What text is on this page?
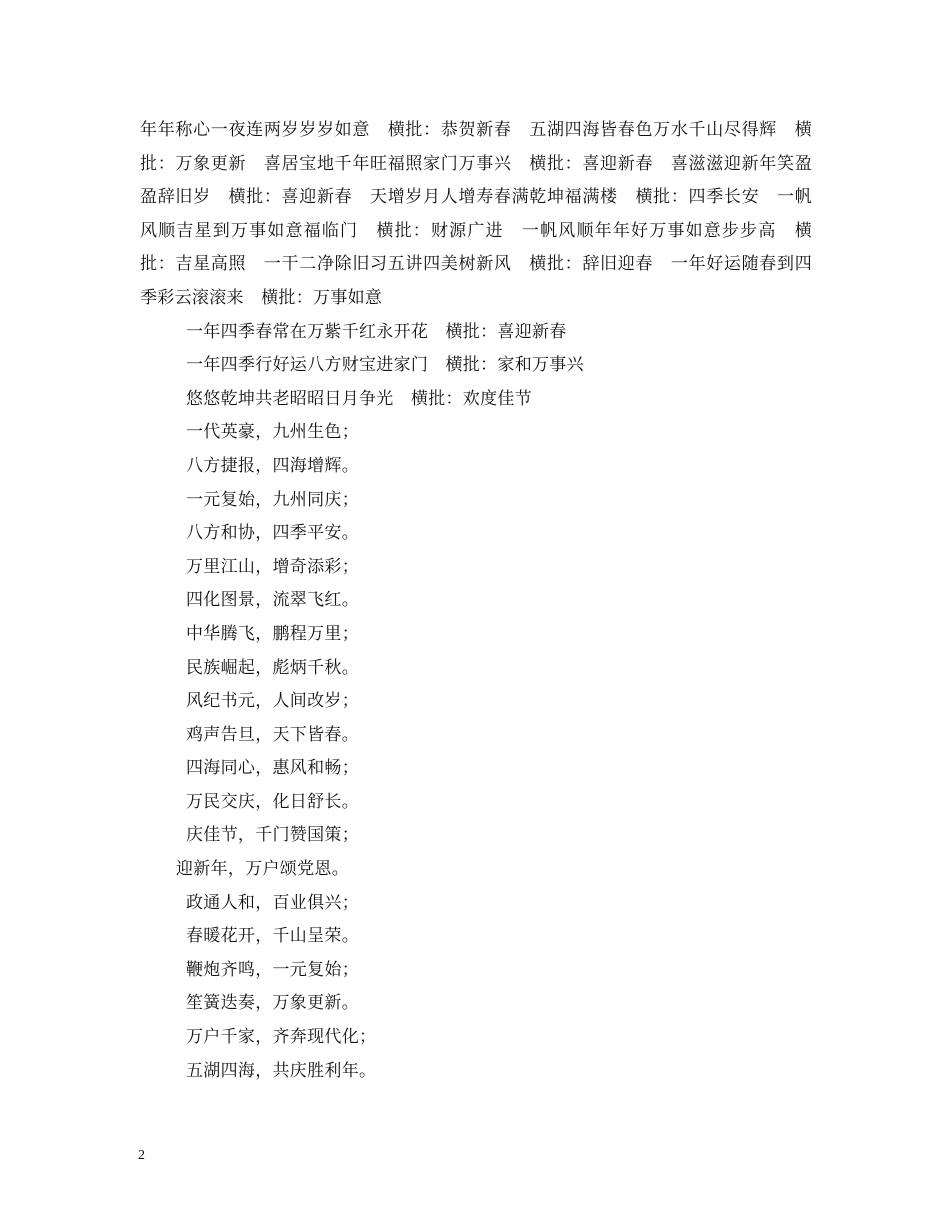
年年称心一夜连两岁岁岁如意　横批：恭贺新春　五湖四海皆春色万水千山尽得辉　横批：万象更新　喜居宝地千年旺福照家门万事兴　横批：喜迎新春　喜滋滋迎新年笑盈盈辞旧岁　横批：喜迎新春　天增岁月人增寿春满乾坤福满楼　横批：四季长安　一帆风顺吉星到万事如意福临门　横批：财源广进　一帆风顺年年好万事如意步步高　横批：吉星高照　一干二净除旧习五讲四美树新风　横批：辞旧迎春　一年好运随春到四季彩云滚滚来　横批：万事如意

一年四季春常在万紫千红永开花　横批：喜迎新春
一年四季行好运八方财宝进家门　横批：家和万事兴
悠悠乾坤共老昭昭日月争光　横批：欢度佳节
一代英豪，九州生色；
八方捷报，四海增辉。
一元复始，九州同庆；
八方和协，四季平安。
万里江山，增奇添彩；
四化图景，流翠飞红。
中华腾飞，鹏程万里；
民族崛起，彪炳千秋。
风纪书元，人间改岁；
鸡声告旦，天下皆春。
四海同心，惠风和畅；
万民交庆，化日舒长。
庆佳节，千门赞国策；
迎新年，万户颂党恩。
政通人和，百业俱兴；
春暖花开，千山呈荣。
鞭炮齐鸣，一元复始；
笙簧迭奏，万象更新。
万户千家，齐奔现代化；
五湖四海，共庆胜利年。
2
